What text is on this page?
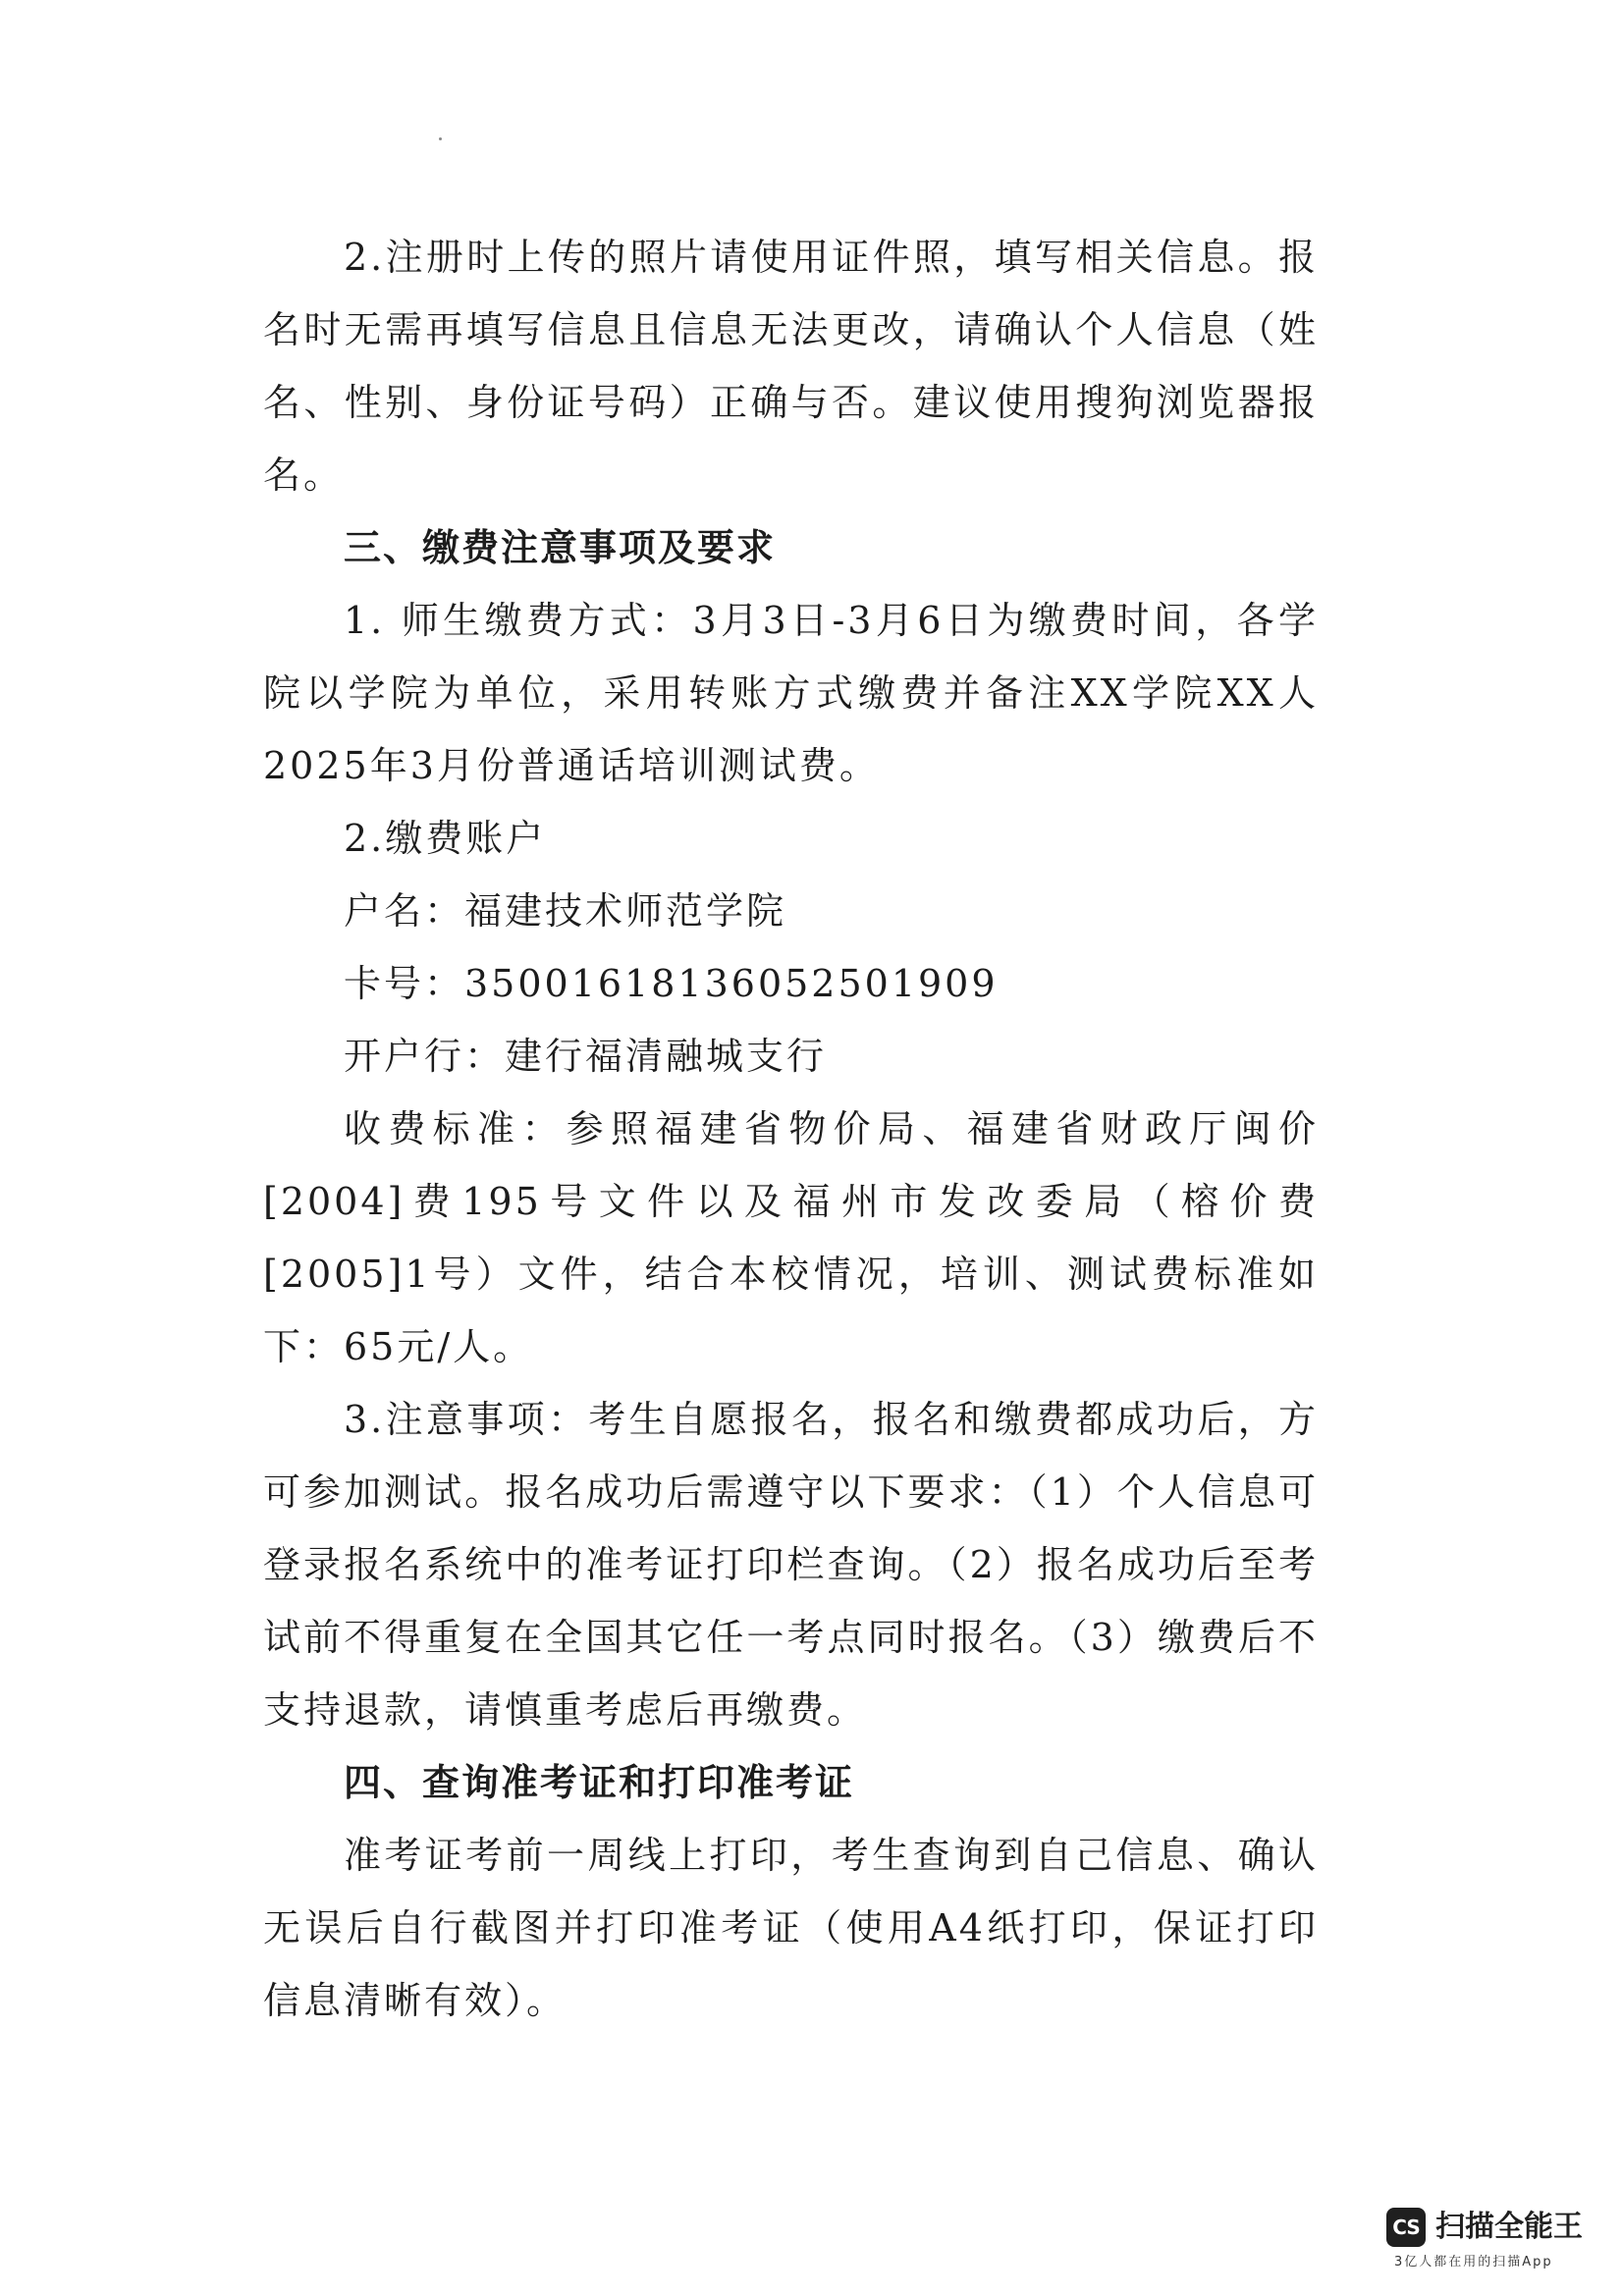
2.注册时上传的照片请使用证件照，填写相关信息。报名时无需再填写信息且信息无法更改，请确认个人信息（姓名、性别、身份证号码）正确与否。建议使用搜狗浏览器报名。

三、缴费注意事项及要求

1. 师生缴费方式：3月3日-3月6日为缴费时间，各学院以学院为单位，采用转账方式缴费并备注XX学院XX人2025年3月份普通话培训测试费。

2.缴费账户

户名：福建技术师范学院

卡号：35001618136052501909

开户行：建行福清融城支行

收费标准：参照福建省物价局、福建省财政厅闽价[2004]费195号文件以及福州市发改委局（榕价费[2005]1号）文件，结合本校情况，培训、测试费标准如下：65元/人。

3.注意事项：考生自愿报名，报名和缴费都成功后，方可参加测试。报名成功后需遵守以下要求：（1）个人信息可登录报名系统中的准考证打印栏查询。（2）报名成功后至考试前不得重复在全国其它任一考点同时报名。（3）缴费后不支持退款，请慎重考虑后再缴费。

四、查询准考证和打印准考证

准考证考前一周线上打印，考生查询到自己信息、确认无误后自行截图并打印准考证（使用A4纸打印，保证打印信息清晰有效）。

CS 扫描全能王
3亿人都在用的扫描App
